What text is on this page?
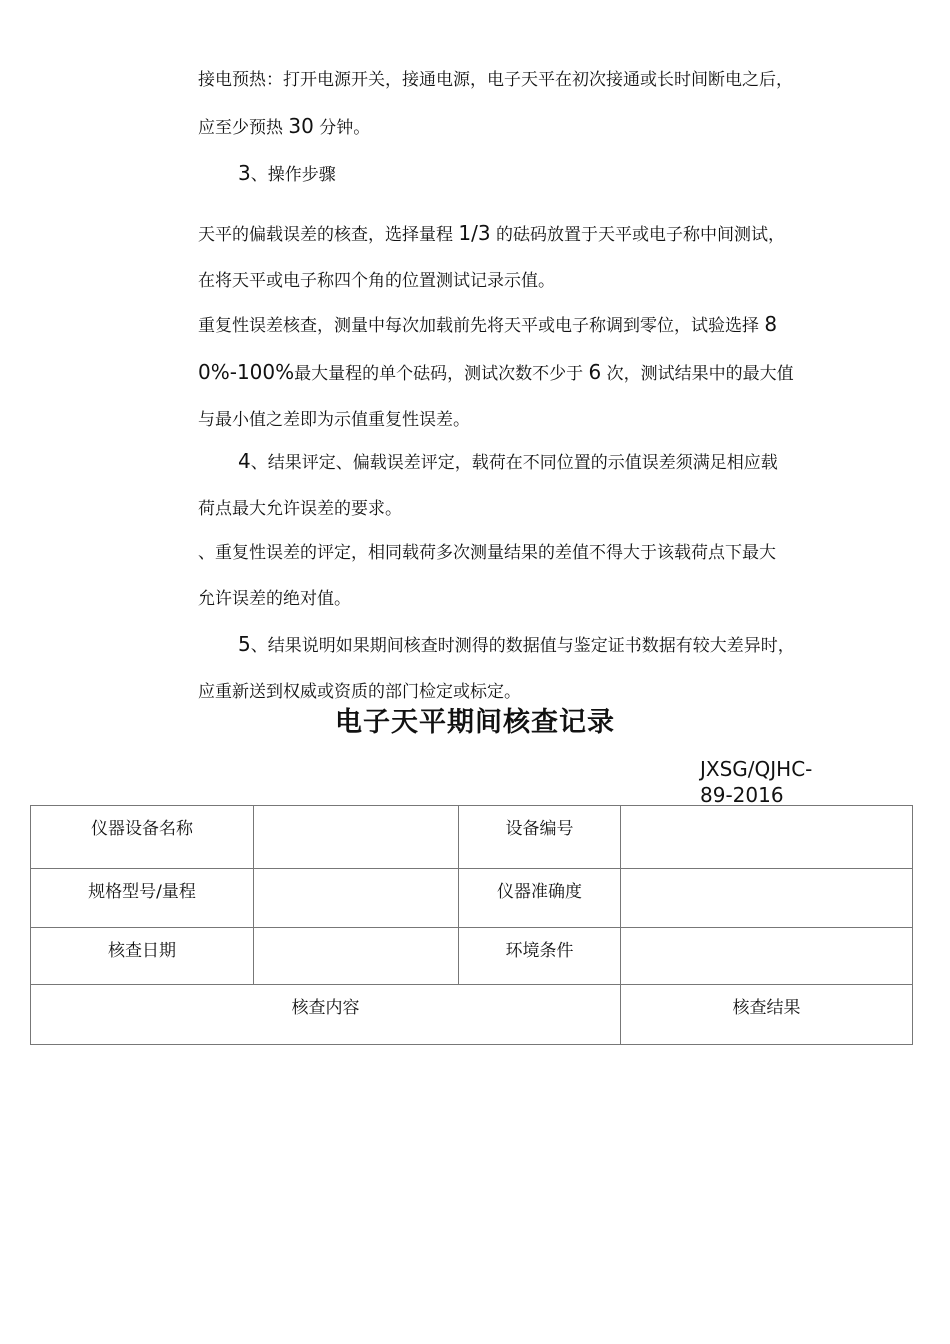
接电预热：打开电源开关，接通电源，电子天平在初次接通或长时间断电之后，
应至少预热 30 分钟。
3、操作步骤
天平的偏载误差的核查，选择量程 1/3 的砝码放置于天平或电子称中间测试，
在将天平或电子称四个角的位置测试记录示值。
重复性误差核查，测量中每次加载前先将天平或电子称调到零位，试验选择 8
0%-100%最大量程的单个砝码，测试次数不少于 6 次，测试结果中的最大值
与最小值之差即为示值重复性误差。
4、结果评定、偏载误差评定，载荷在不同位置的示值误差须满足相应载
荷点最大允许误差的要求。
、重复性误差的评定，相同载荷多次测量结果的差值不得大于该载荷点下最大
允许误差的绝对值。
5、结果说明如果期间核查时测得的数据值与鉴定证书数据有较大差异时，
应重新送到权威或资质的部门检定或标定。
电子天平期间核查记录
JXSG/QJHC-
89-2016
仪器设备名称		设备编号	
规格型号/量程		仪器准确度	
核查日期		环境条件	
核查内容			核查结果
